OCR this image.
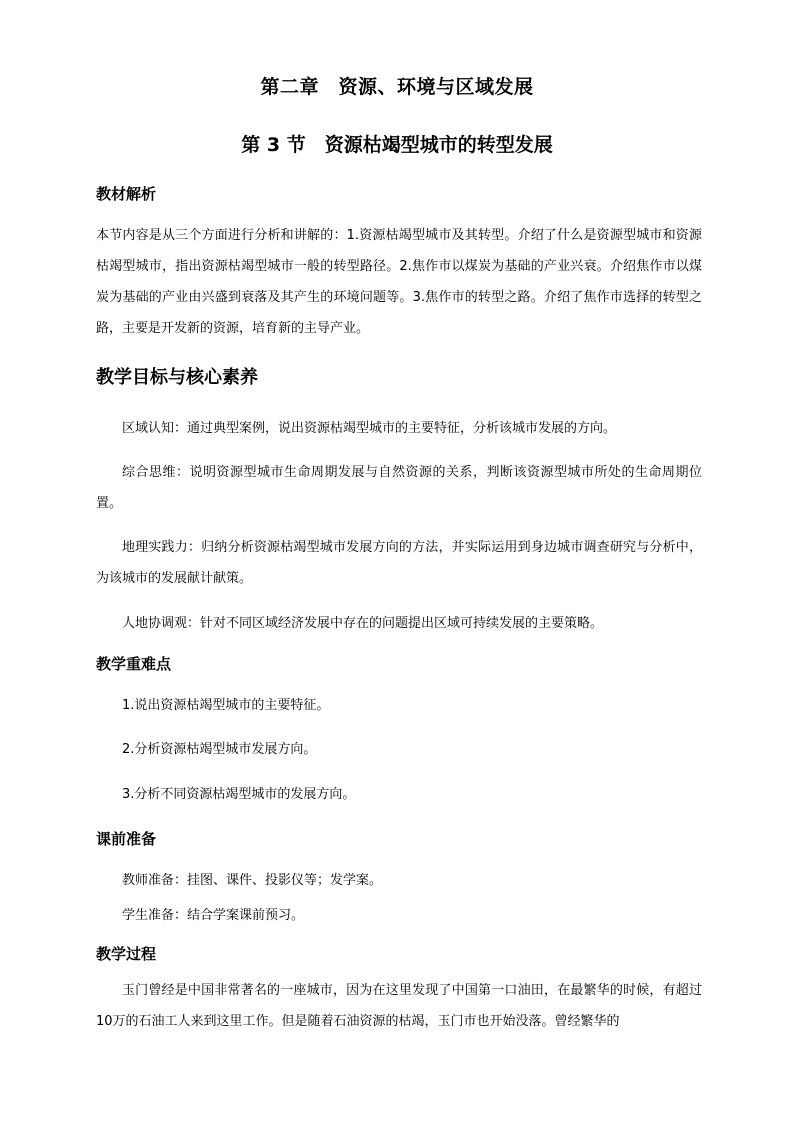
第二章　资源、环境与区域发展
第 3 节　资源枯竭型城市的转型发展
教材解析

本节内容是从三个方面进行分析和讲解的：1.资源枯竭型城市及其转型。介绍了什么是资源型城市和资源枯竭型城市，指出资源枯竭型城市一般的转型路径。2.焦作市以煤炭为基础的产业兴衰。介绍焦作市以煤炭为基础的产业由兴盛到衰落及其产生的环境问题等。3.焦作市的转型之路。介绍了焦作市选择的转型之路，主要是开发新的资源，培育新的主导产业。

教学目标与核心素养

区域认知：通过典型案例，说出资源枯竭型城市的主要特征，分析该城市发展的方向。

综合思维：说明资源型城市生命周期发展与自然资源的关系，判断该资源型城市所处的生命周期位置。

地理实践力：归纳分析资源枯竭型城市发展方向的方法，并实际运用到身边城市调查研究与分析中，为该城市的发展献计献策。

人地协调观：针对不同区域经济发展中存在的问题提出区域可持续发展的主要策略。

教学重难点
1.说出资源枯竭型城市的主要特征。
2.分析资源枯竭型城市发展方向。
3.分析不同资源枯竭型城市的发展方向。
课前准备
教师准备：挂图、课件、投影仪等；发学案。
学生准备：结合学案课前预习。
教学过程

玉门曾经是中国非常著名的一座城市，因为在这里发现了中国第一口油田，在最繁华的时候，有超过10万的石油工人来到这里工作。但是随着石油资源的枯竭，玉门市也开始没落。曾经繁华的
